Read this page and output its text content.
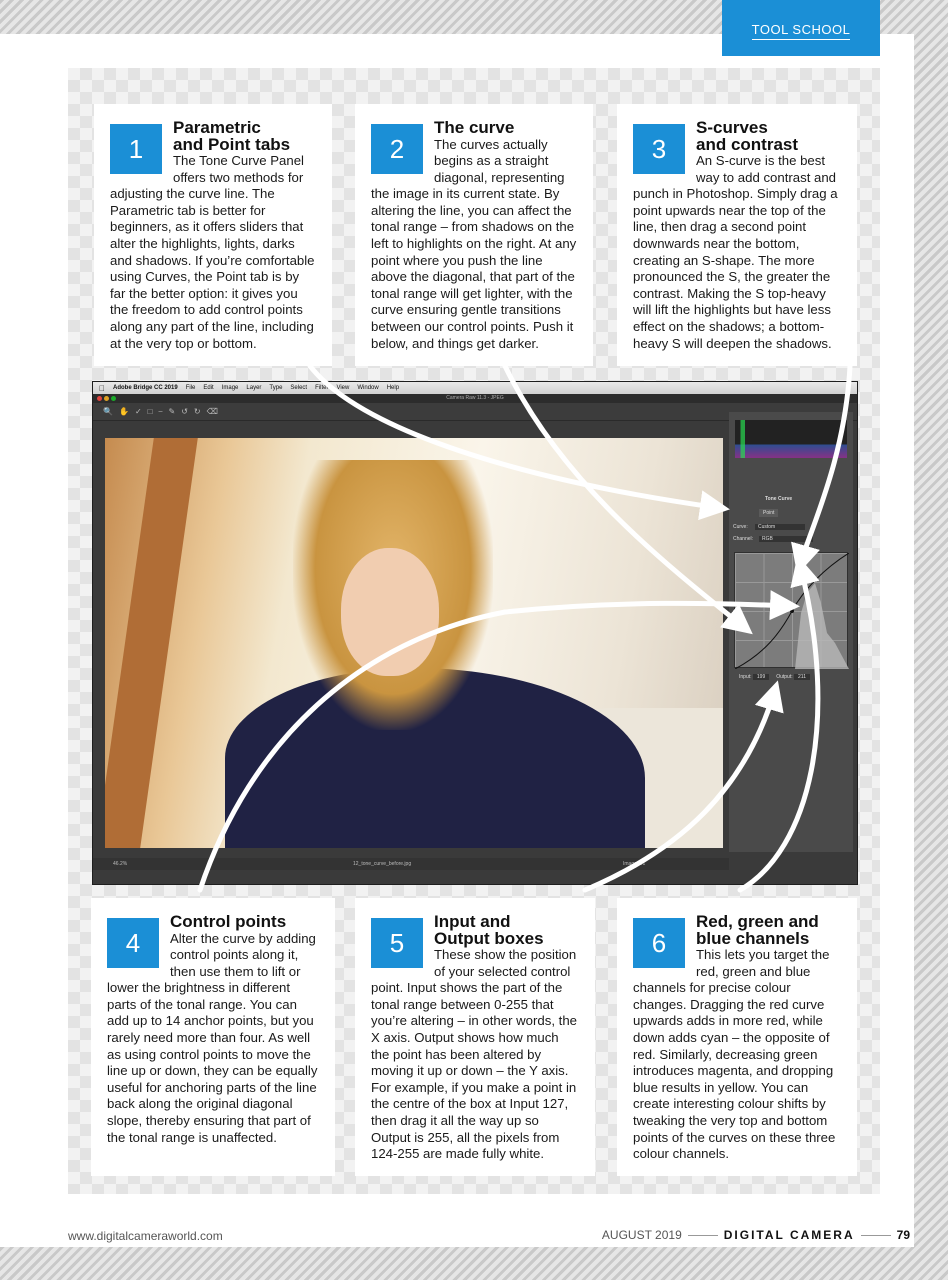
TOOL SCHOOL
1
Parametric
and Point tabs

The Tone Curve Panel offers two methods for adjusting the curve line. The Parametric tab is better for beginners, as it offers sliders that alter the highlights, lights, darks and shadows. If you’re comfortable using Curves, the Point tab is by far the better option: it gives you the freedom to add control points along any part of the line, including at the very top or bottom.

2
The curve

The curves actually begins as a straight diagonal, representing the image in its current state. By altering the line, you can affect the tonal range – from shadows on the left to highlights on the right. At any point where you push the line above the diagonal, that part of the tonal range will get lighter, with the curve ensuring gentle transitions between our control points. Push it below, and things get darker.

3
S-curves
and contrast

An S-curve is the best way to add contrast and punch in Photoshop. Simply drag a point upwards near the top of the line, then drag a second point downwards near the bottom, creating an S-shape. The more pronounced the S, the greater the contrast. Making the S top-heavy will lift the highlights but have less effect on the shadows; a bottom-heavy S will deepen the shadows.

4
Control points

Alter the curve by adding control points along it, then use them to lift or lower the brightness in different parts of the tonal range. You can add up to 14 anchor points, but you rarely need more than four. As well as using control points to move the line up or down, they can be equally useful for anchoring parts of the line back along the original diagonal slope, thereby ensuring that part of the tonal range is unaffected.

5
Input and
Output boxes

These show the position of your selected control point. Input shows the part of the tonal range between 0-255 that you’re altering – in other words, the X axis. Output shows how much the point has been altered by moving it up or down – the Y axis. For example, if you make a point in the centre of the box at Input 127, then drag it all the way up so Output is 255, all the pixels from 124-255 are made fully white.

6
Red, green and
blue channels

This lets you target the red, green and blue channels for precise colour changes. Dragging the red curve upwards adds in more red, while down adds cyan – the opposite of red. Similarly, decreasing green introduces magenta, and dropping blue results in yellow. You can create interesting colour shifts by tweaking the very top and bottom points of the curves on these three colour channels.

Adobe Bridge CC 2019 File Edit Image Layer Type Select Filter View Window Help
Camera Raw 11.3 - JPEG
🔍 ✋ ✓ □ ⎯ ✎ ↺ ↻ ⌫
Tone Curve
Point
Curve:	Custom
Channel:	RGB
Input: 199 Output: 211
46.2%	12_tone_curve_before.jpg	Image 1/1
www.digitalcameraworld.com	AUGUST 2019	DIGITAL CAMERA	79
